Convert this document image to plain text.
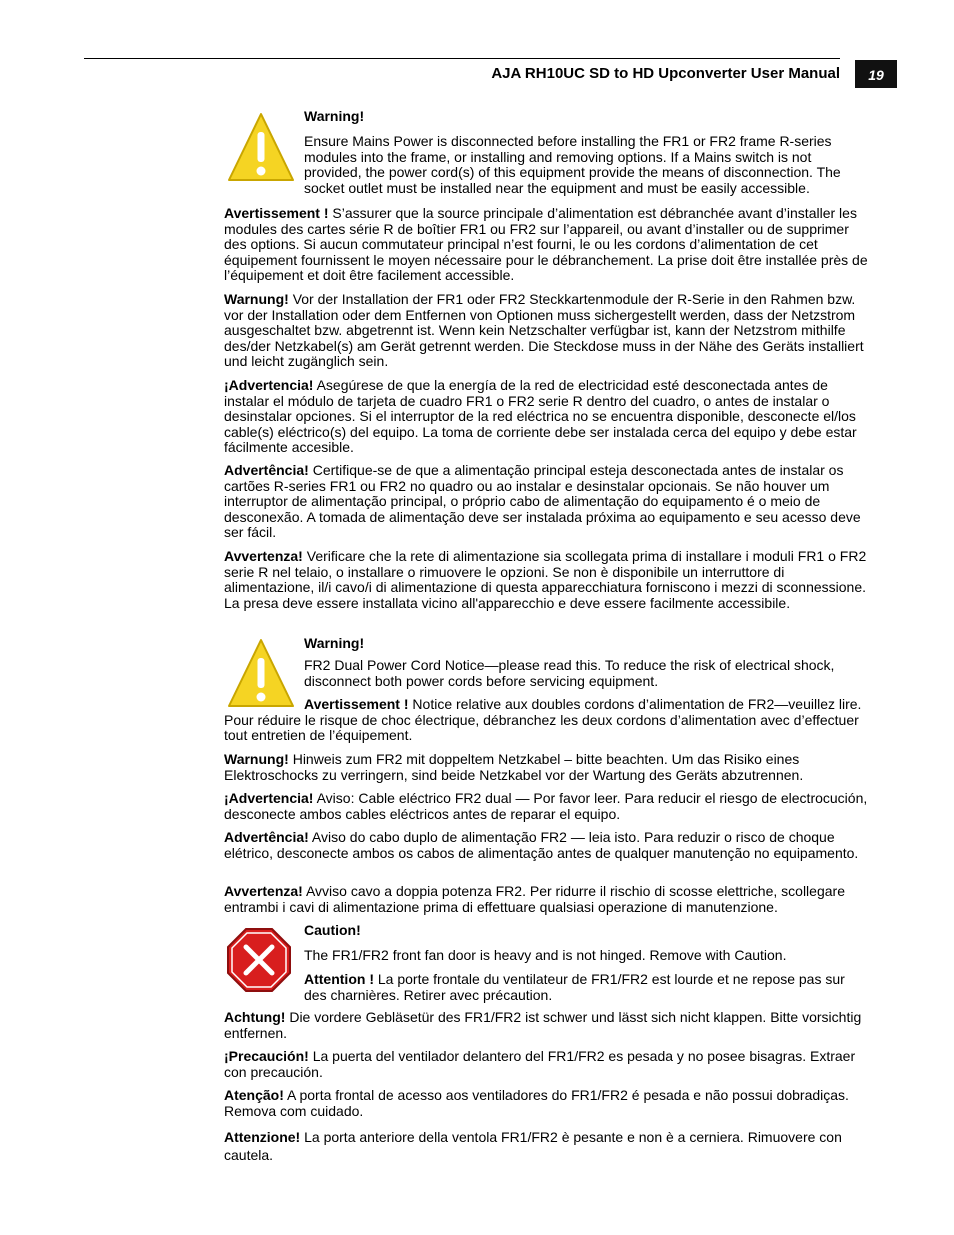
AJA RH10UC SD to HD Upconverter User Manual	19

Warning!

Ensure Mains Power is disconnected before installing the FR1 or FR2 frame R-series modules into the frame, or installing and removing options. If a Mains switch is not provided, the power cord(s) of this equipment provide the means of disconnection. The socket outlet must be installed near the equipment and must be easily accessible.

Avertissement ! S’assurer que la source principale d’alimentation est débranchée avant d’installer les modules des cartes série R de boîtier FR1 ou FR2 sur l’appareil, ou avant d’installer ou de supprimer des options. Si aucun commutateur principal n’est fourni, le ou les cordons d’alimentation de cet équipement fournissent le moyen nécessaire pour le débranchement. La prise doit être installée près de l’équipement et doit être facilement accessible.

Warnung! Vor der Installation der FR1 oder FR2 Steckkartenmodule der R-Serie in den Rahmen bzw. vor der Installation oder dem Entfernen von Optionen muss sichergestellt werden, dass der Netzstrom ausgeschaltet bzw. abgetrennt ist. Wenn kein Netzschalter verfügbar ist, kann der Netzstrom mithilfe des/der Netzkabel(s) am Gerät getrennt werden. Die Steckdose muss in der Nähe des Geräts installiert und leicht zugänglich sein.

¡Advertencia! Asegúrese de que la energía de la red de electricidad esté desconectada antes de instalar el módulo de tarjeta de cuadro FR1 o FR2 serie R dentro del cuadro, o antes de instalar o desinstalar opciones. Si el interruptor de la red eléctrica no se encuentra disponible, desconecte el/los cable(s) eléctrico(s) del equipo. La toma de corriente debe ser instalada cerca del equipo y debe estar fácilmente accesible.

Advertência! Certifique-se de que a alimentação principal esteja desconectada antes de instalar os cartões R-series FR1 ou FR2 no quadro ou ao instalar e desinstalar opcionais. Se não houver um interruptor de alimentação principal, o próprio cabo de alimentação do equipamento é o meio de desconexão. A tomada de alimentação deve ser instalada próxima ao equipamento e seu acesso deve ser fácil.

Avvertenza! Verificare che la rete di alimentazione sia scollegata prima di installare i moduli FR1 o FR2 serie R nel telaio, o installare o rimuovere le opzioni. Se non è disponibile un interruttore di alimentazione, il/i cavo/i di alimentazione di questa apparecchiatura forniscono i mezzi di sconnessione. La presa deve essere installata vicino all'apparecchio e deve essere facilmente accessibile.

Warning!

FR2 Dual Power Cord Notice—please read this. To reduce the risk of electrical shock, disconnect both power cords before servicing equipment.

Avertissement ! Notice relative aux doubles cordons d’alimentation de FR2—veuillez lire. Pour réduire le risque de choc électrique, débranchez les deux cordons d’alimentation avec d’effectuer tout entretien de l’équipement.

Warnung! Hinweis zum FR2 mit doppeltem Netzkabel – bitte beachten. Um das Risiko eines Elektroschocks zu verringern, sind beide Netzkabel vor der Wartung des Geräts abzutrennen.

¡Advertencia! Aviso: Cable eléctrico FR2 dual — Por favor leer. Para reducir el riesgo de electrocución, desconecte ambos cables eléctricos antes de reparar el equipo.

Advertência! Aviso do cabo duplo de alimentação FR2 — leia isto. Para reduzir o risco de choque elétrico, desconecte ambos os cabos de alimentação antes de qualquer manutenção no equipamento.

Avvertenza! Avviso cavo a doppia potenza FR2. Per ridurre il rischio di scosse elettriche, scollegare entrambi i cavi di alimentazione prima di effettuare qualsiasi operazione di manutenzione.

Caution!

The FR1/FR2 front fan door is heavy and is not hinged. Remove with Caution.

Attention ! La porte frontale du ventilateur de FR1/FR2 est lourde et ne repose pas sur des charnières. Retirer avec précaution.

Achtung! Die vordere Gebläsetür des FR1/FR2 ist schwer und lässt sich nicht klappen. Bitte vorsichtig entfernen.

¡Precaución! La puerta del ventilador delantero del FR1/FR2 es pesada y no posee bisagras. Extraer con precaución.

Atenção! A porta frontal de acesso aos ventiladores do FR1/FR2 é pesada e não possui dobradiças. Remova com cuidado.

Attenzione! La porta anteriore della ventola FR1/FR2 è pesante e non è a cerniera. Rimuovere con cautela.
